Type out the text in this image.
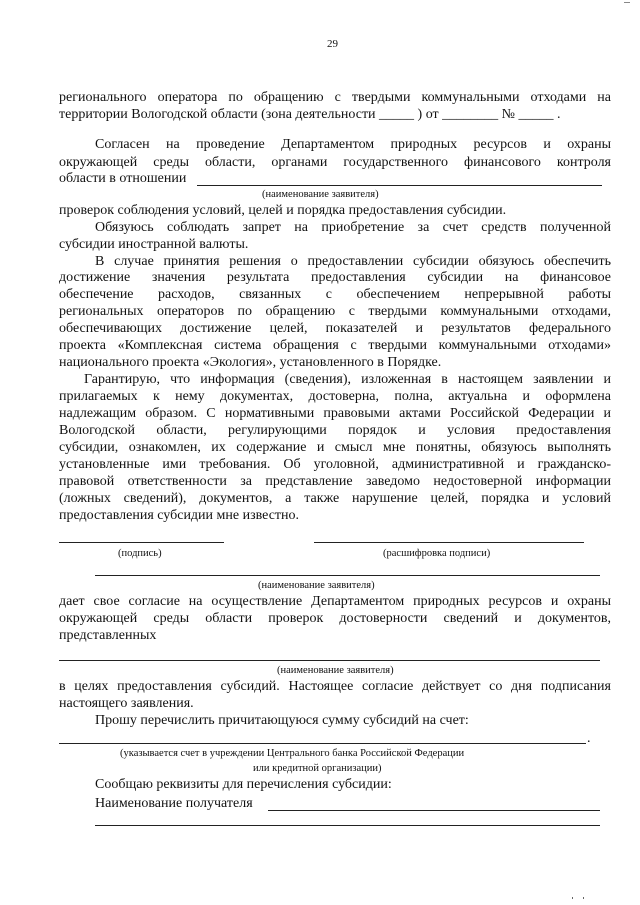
29
регионального оператора по обращению с твердыми коммунальными отходами на
территории Вологодской области (зона деятельности _____ ) от ________ № _____ .
Согласен на проведение Департаментом природных ресурсов и охраны
окружающей среды области, органами государственного финансового контроля
области в отношении
(наименование заявителя)
проверок соблюдения условий, целей и порядка предоставления субсидии.
Обязуюсь соблюдать запрет на приобретение за счет средств полученной
субсидии иностранной валюты.
В случае принятия решения о предоставлении субсидии обязуюсь обеспечить
достижение значения результата предоставления субсидии на финансовое
обеспечение расходов, связанных с обеспечением непрерывной работы
региональных операторов по обращению с твердыми коммунальными отходами,
обеспечивающих достижение целей, показателей и результатов федерального
проекта «Комплексная система обращения с твердыми коммунальными отходами»
национального проекта «Экология», установленного в Порядке.
Гарантирую, что информация (сведения), изложенная в настоящем заявлении и
прилагаемых к нему документах, достоверна, полна, актуальна и оформлена
надлежащим образом. С нормативными правовыми актами Российской Федерации и
Вологодской области, регулирующими порядок и условия предоставления
субсидии, ознакомлен, их содержание и смысл мне понятны, обязуюсь выполнять
установленные ими требования. Об уголовной, административной и гражданско-
правовой ответственности за представление заведомо недостоверной информации
(ложных сведений), документов, а также нарушение целей, порядка и условий
предоставления субсидии мне известно.
(подпись)	(расшифровка подписи)
(наименование заявителя)
дает свое согласие на осуществление Департаментом природных ресурсов и охраны
окружающей среды области проверок достоверности сведений и документов,
представленных
(наименование заявителя)
в целях предоставления субсидий. Настоящее согласие действует со дня подписания
настоящего заявления.
Прошу перечислить причитающуюся сумму субсидий на счет:
.
(указывается счет в учреждении Центрального банка Российской Федерации
или кредитной организации)
Сообщаю реквизиты для перечисления субсидии:
Наименование получателя
